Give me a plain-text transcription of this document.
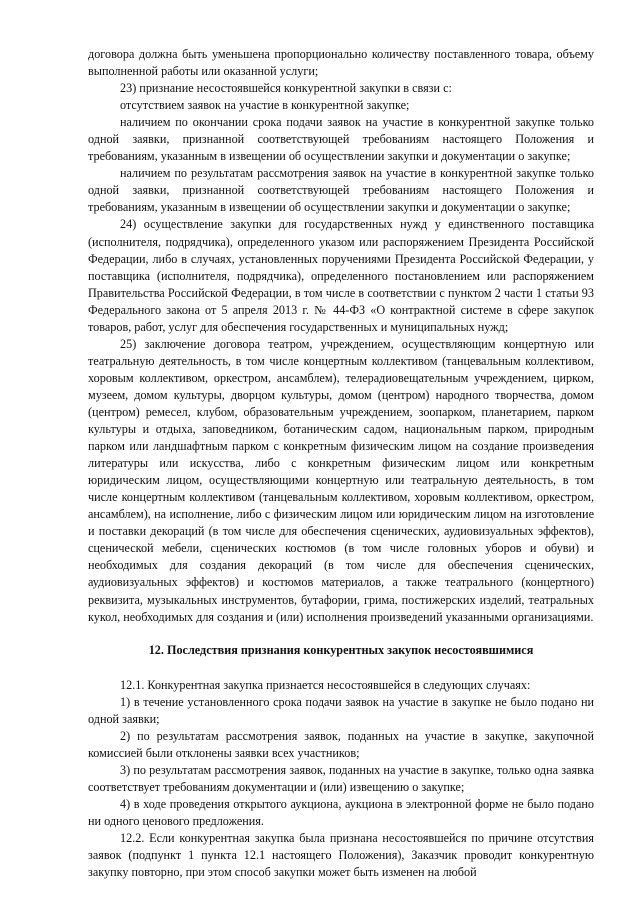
договора должна быть уменьшена пропорционально количеству поставленного товара, объему выполненной работы или оказанной услуги;

23) признание несостоявшейся конкурентной закупки в связи с:

отсутствием заявок на участие в конкурентной закупке;

наличием по окончании срока подачи заявок на участие в конкурентной закупке только одной заявки, признанной соответствующей требованиям настоящего Положения и требованиям, указанным в извещении об осуществлении закупки и документации о закупке;

наличием по результатам рассмотрения заявок на участие в конкурентной закупке только одной заявки, признанной соответствующей требованиям настоящего Положения и требованиям, указанным в извещении об осуществлении закупки и документации о закупке;

24) осуществление закупки для государственных нужд у единственного поставщика (исполнителя, подрядчика), определенного указом или распоряжением Президента Российской Федерации, либо в случаях, установленных поручениями Президента Российской Федерации, у поставщика (исполнителя, подрядчика), определенного постановлением или распоряжением Правительства Российской Федерации, в том числе в соответствии с пунктом 2 части 1 статьи 93 Федерального закона от 5 апреля 2013 г. № 44-ФЗ «О контрактной системе в сфере закупок товаров, работ, услуг для обеспечения государственных и муниципальных нужд;

25) заключение договора театром, учреждением, осуществляющим концертную или театральную деятельность, в том числе концертным коллективом (танцевальным коллективом, хоровым коллективом, оркестром, ансамблем), телерадиовещательным учреждением, цирком, музеем, домом культуры, дворцом культуры, домом (центром) народного творчества, домом (центром) ремесел, клубом, образовательным учреждением, зоопарком, планетарием, парком культуры и отдыха, заповедником, ботаническим садом, национальным парком, природным парком или ландшафтным парком с конкретным физическим лицом на создание произведения литературы или искусства, либо с конкретным физическим лицом или конкретным юридическим лицом, осуществляющими концертную или театральную деятельность, в том числе концертным коллективом (танцевальным коллективом, хоровым коллективом, оркестром, ансамблем), на исполнение, либо с физическим лицом или юридическим лицом на изготовление и поставки декораций (в том числе для обеспечения сценических, аудиовизуальных эффектов), сценической мебели, сценических костюмов (в том числе головных уборов и обуви) и необходимых для создания декораций (в том числе для обеспечения сценических, аудиовизуальных эффектов) и костюмов материалов, а также театрального (концертного) реквизита, музыкальных инструментов, бутафории, грима, постижерских изделий, театральных кукол, необходимых для создания и (или) исполнения произведений указанными организациями.

12. Последствия признания конкурентных закупок несостоявшимися

12.1. Конкурентная закупка признается несостоявшейся в следующих случаях:

1) в течение установленного срока подачи заявок на участие в закупке не было подано ни одной заявки;

2) по результатам рассмотрения заявок, поданных на участие в закупке, закупочной комиссией были отклонены заявки всех участников;

3) по результатам рассмотрения заявок, поданных на участие в закупке, только одна заявка соответствует требованиям документации и (или) извещению о закупке;

4) в ходе проведения открытого аукциона, аукциона в электронной форме не было подано ни одного ценового предложения.

12.2. Если конкурентная закупка была признана несостоявшейся по причине отсутствия заявок (подпункт 1 пункта 12.1 настоящего Положения), Заказчик проводит конкурентную закупку повторно, при этом способ закупки может быть изменен на любой
